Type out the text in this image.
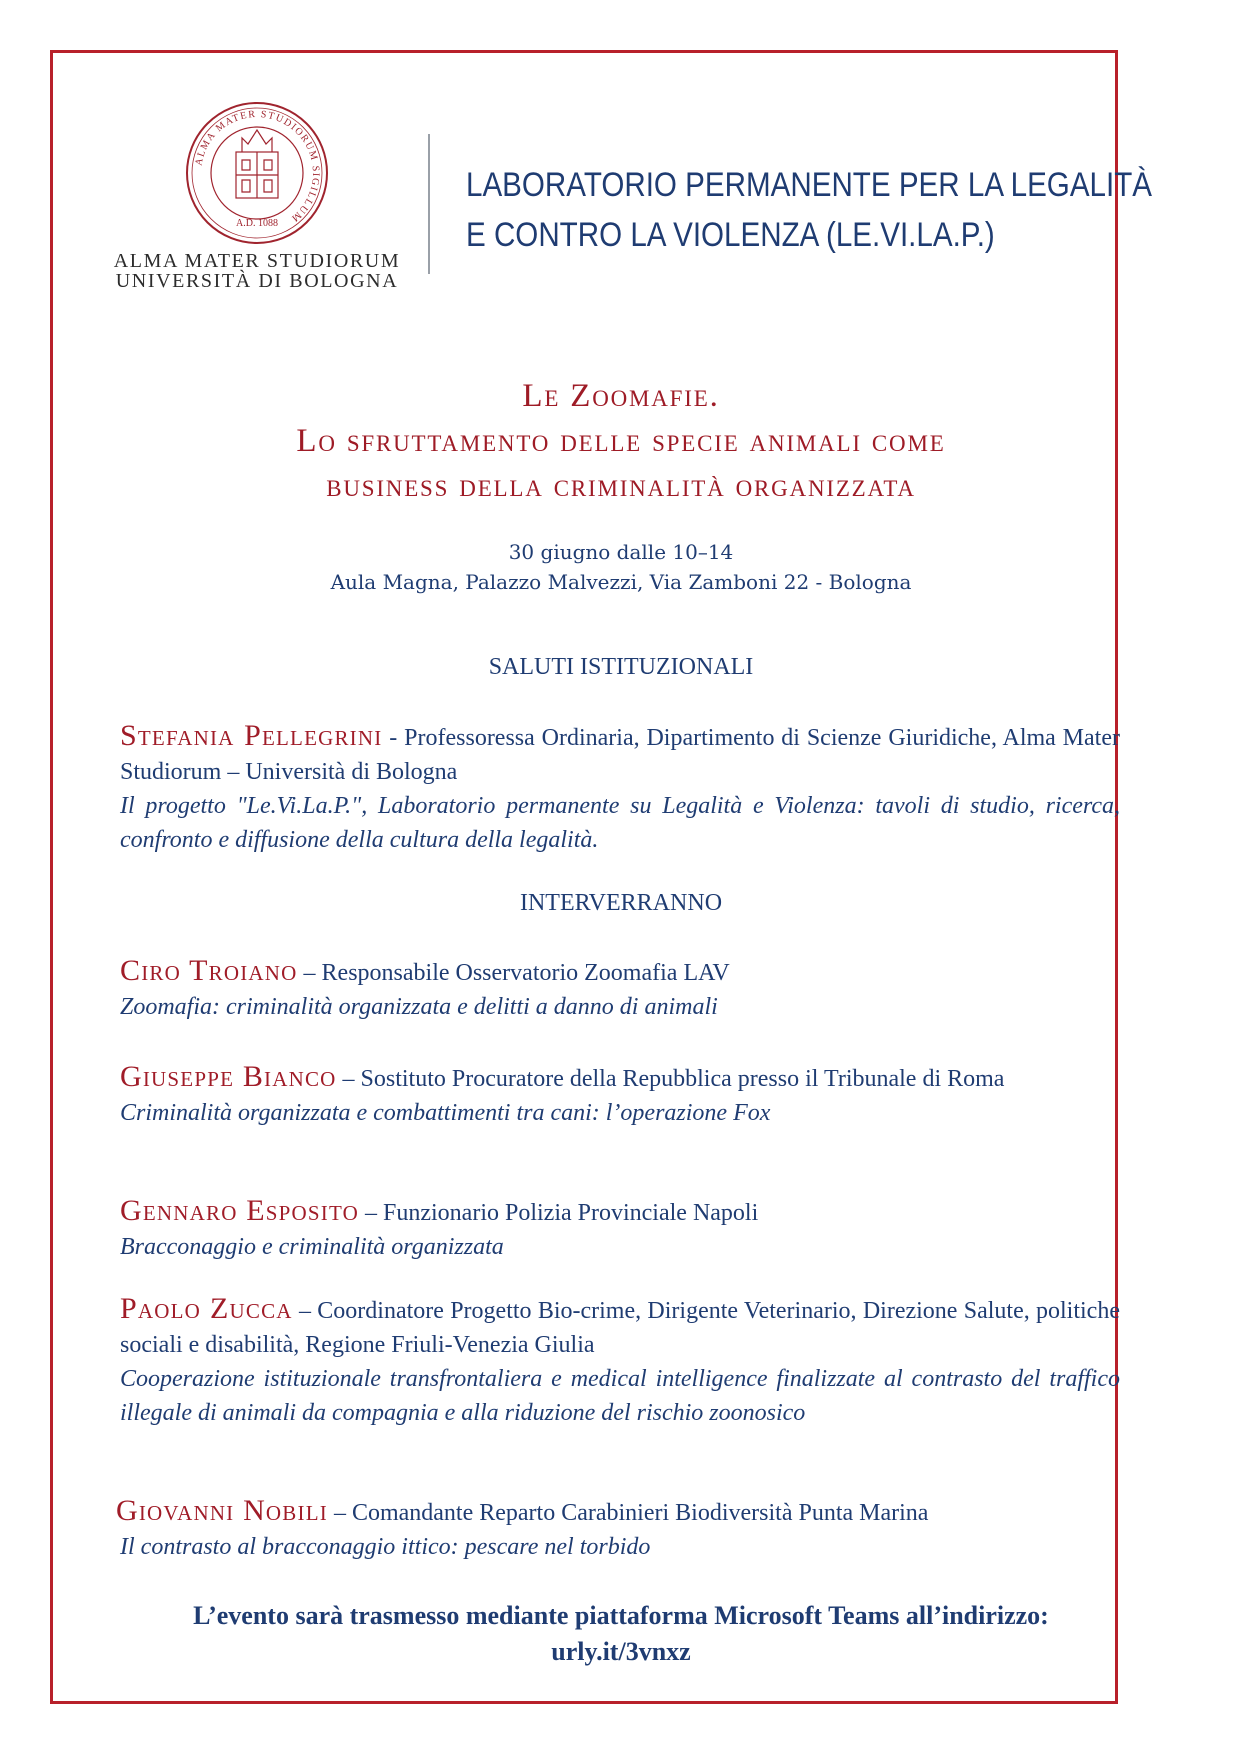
ALMA MATER STUDIORUM SIGILLUM
A.D. 1088
ALMA MATER STUDIORUM
UNIVERSITÀ DI BOLOGNA
LABORATORIO PERMANENTE PER LA LEGALITÀ
E CONTRO LA VIOLENZA (LE.VI.LA.P.)
Le Zoomafie.
Lo sfruttamento delle specie animali come
business della criminalità organizzata
30 giugno dalle 10–14
Aula Magna, Palazzo Malvezzi, Via Zamboni 22 - Bologna
SALUTI ISTITUZIONALI
Stefania Pellegrini - Professoressa Ordinaria, Dipartimento di Scienze Giuridiche, Alma Mater Studiorum – Università di Bologna
Il progetto "Le.Vi.La.P.", Laboratorio permanente su Legalità e Violenza: tavoli di studio, ricerca, confronto e diffusione della cultura della legalità.
INTERVERRANNO
Ciro Troiano – Responsabile Osservatorio Zoomafia LAV
Zoomafia: criminalità organizzata e delitti a danno di animali
Giuseppe Bianco – Sostituto Procuratore della Repubblica presso il Tribunale di Roma
Criminalità organizzata e combattimenti tra cani: l’operazione Fox
Gennaro Esposito – Funzionario Polizia Provinciale Napoli
Bracconaggio e criminalità organizzata
Paolo Zucca – Coordinatore Progetto Bio-crime, Dirigente Veterinario, Direzione Salute, politiche sociali e disabilità, Regione Friuli-Venezia Giulia
Cooperazione istituzionale transfrontaliera e medical intelligence finalizzate al contrasto del traffico illegale di animali da compagnia e alla riduzione del rischio zoonosico
Giovanni Nobili – Comandante Reparto Carabinieri Biodiversità Punta Marina
Il contrasto al bracconaggio ittico: pescare nel torbido
L’evento sarà trasmesso mediante piattaforma Microsoft Teams all’indirizzo:
urly.it/3vnxz
